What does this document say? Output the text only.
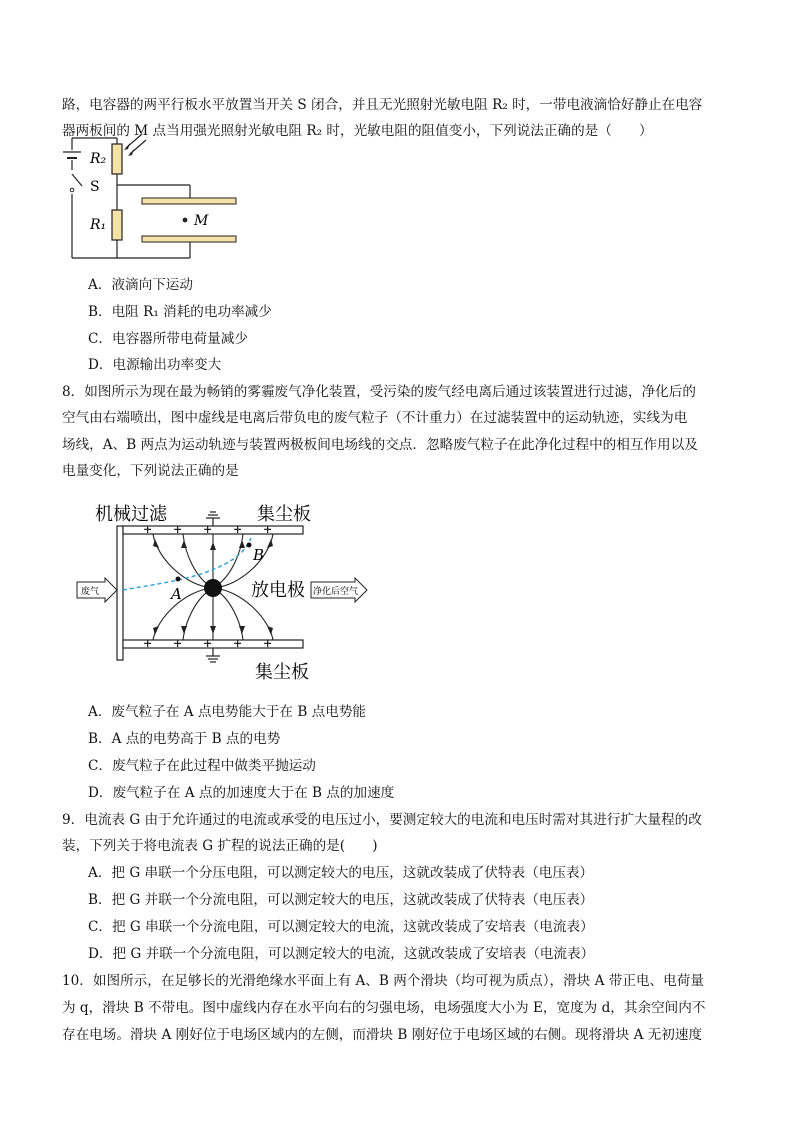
路，电容器的两平行板水平放置当开关 S 闭合，并且无光照射光敏电阻 R₂ 时，一带电液滴恰好静止在电容
器两板间的 M 点当用强光照射光敏电阻 R₂ 时，光敏电阻的阻值变小，下列说法正确的是（　　）
R₂
S
R₁	M
A．液滴向下运动
B．电阻 R₁ 消耗的电功率减少
C．电容器所带电荷量减少
D．电源输出功率变大
8．如图所示为现在最为畅销的雾霾废气净化装置，受污染的废气经电离后通过该装置进行过滤，净化后的
空气由右端喷出，图中虚线是电离后带负电的废气粒子（不计重力）在过滤装置中的运动轨迹，实线为电
场线，A、B 两点为运动轨迹与装置两极板间电场线的交点．忽略废气粒子在此净化过程中的相互作用以及
电量变化，下列说法正确的是
+ + + + +
+ + + + +
机械过滤	集尘板
集尘板
放电极
废气	净化后空气
A
B
A．废气粒子在 A 点电势能大于在 B 点电势能
B．A 点的电势高于 B 点的电势
C．废气粒子在此过程中做类平抛运动
D．废气粒子在 A 点的加速度大于在 B 点的加速度
9．电流表 G 由于允许通过的电流或承受的电压过小，要测定较大的电流和电压时需对其进行扩大量程的改
装，下列关于将电流表 G 扩程的说法正确的是(　　)
A．把 G 串联一个分压电阻，可以测定较大的电压，这就改装成了伏特表（电压表）
B．把 G 并联一个分流电阻，可以测定较大的电压，这就改装成了伏特表（电压表）
C．把 G 串联一个分流电阻，可以测定较大的电流，这就改装成了安培表（电流表）
D．把 G 并联一个分流电阻，可以测定较大的电流，这就改装成了安培表（电流表）
10．如图所示，在足够长的光滑绝缘水平面上有 A、B 两个滑块（均可视为质点），滑块 A 带正电、电荷量
为 q，滑块 B 不带电。图中虚线内存在水平向右的匀强电场，电场强度大小为 E，宽度为 d，其余空间内不
存在电场。滑块 A 刚好位于电场区域内的左侧，而滑块 B 刚好位于电场区域的右侧。现将滑块 A 无初速度
